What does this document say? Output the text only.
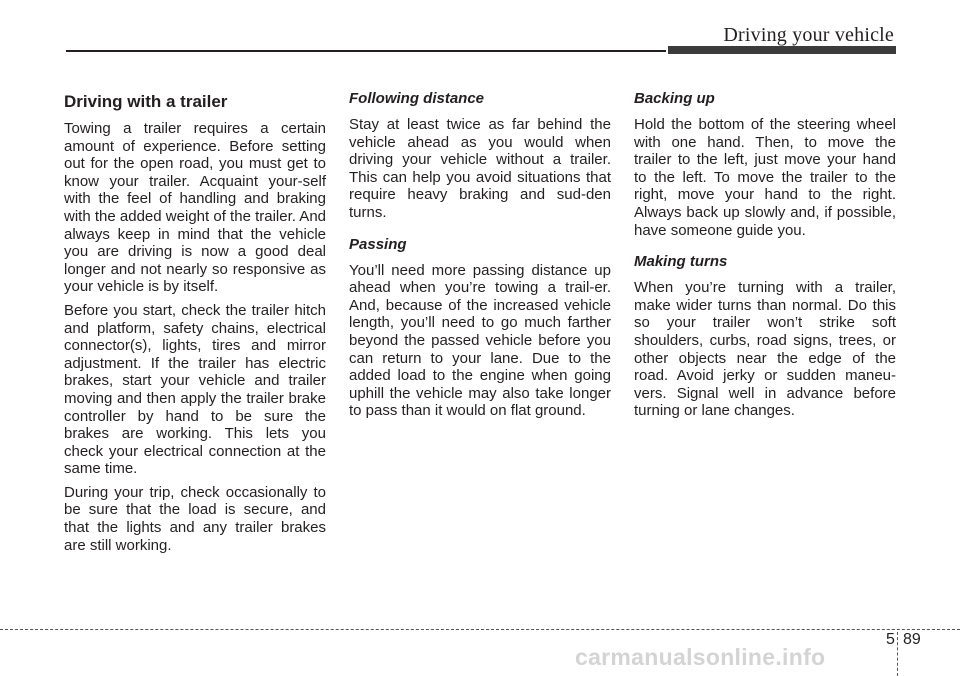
Driving your vehicle
Driving with a trailer

Towing a trailer requires a certain amount of experience. Before setting out for the open road, you must get to know your trailer. Acquaint your-self with the feel of handling and braking with the added weight of the trailer. And always keep in mind that the vehicle you are driving is now a good deal longer and not nearly so responsive as your vehicle is by itself.

Before you start, check the trailer hitch and platform, safety chains, electrical connector(s), lights, tires and mirror adjustment. If the trailer has electric brakes, start your vehicle and trailer moving and then apply the trailer brake controller by hand to be sure the brakes are working. This lets you check your electrical connection at the same time.

During your trip, check occasionally to be sure that the load is secure, and that the lights and any trailer brakes are still working.

Following distance

Stay at least twice as far behind the vehicle ahead as you would when driving your vehicle without a trailer. This can help you avoid situations that require heavy braking and sud-den turns.

Passing

You’ll need more passing distance up ahead when you’re towing a trail-er. And, because of the increased vehicle length, you’ll need to go much farther beyond the passed vehicle before you can return to your lane. Due to the added load to the engine when going uphill the vehicle may also take longer to pass than it would on flat ground.

Backing up

Hold the bottom of the steering wheel with one hand. Then, to move the trailer to the left, just move your hand to the left. To move the trailer to the right, move your hand to the right. Always back up slowly and, if possible, have someone guide you.

Making turns

When you’re turning with a trailer, make wider turns than normal. Do this so your trailer won’t strike soft shoulders, curbs, road signs, trees, or other objects near the edge of the road. Avoid jerky or sudden maneu-vers. Signal well in advance before turning or lane changes.

5 89
carmanualsonline.info
